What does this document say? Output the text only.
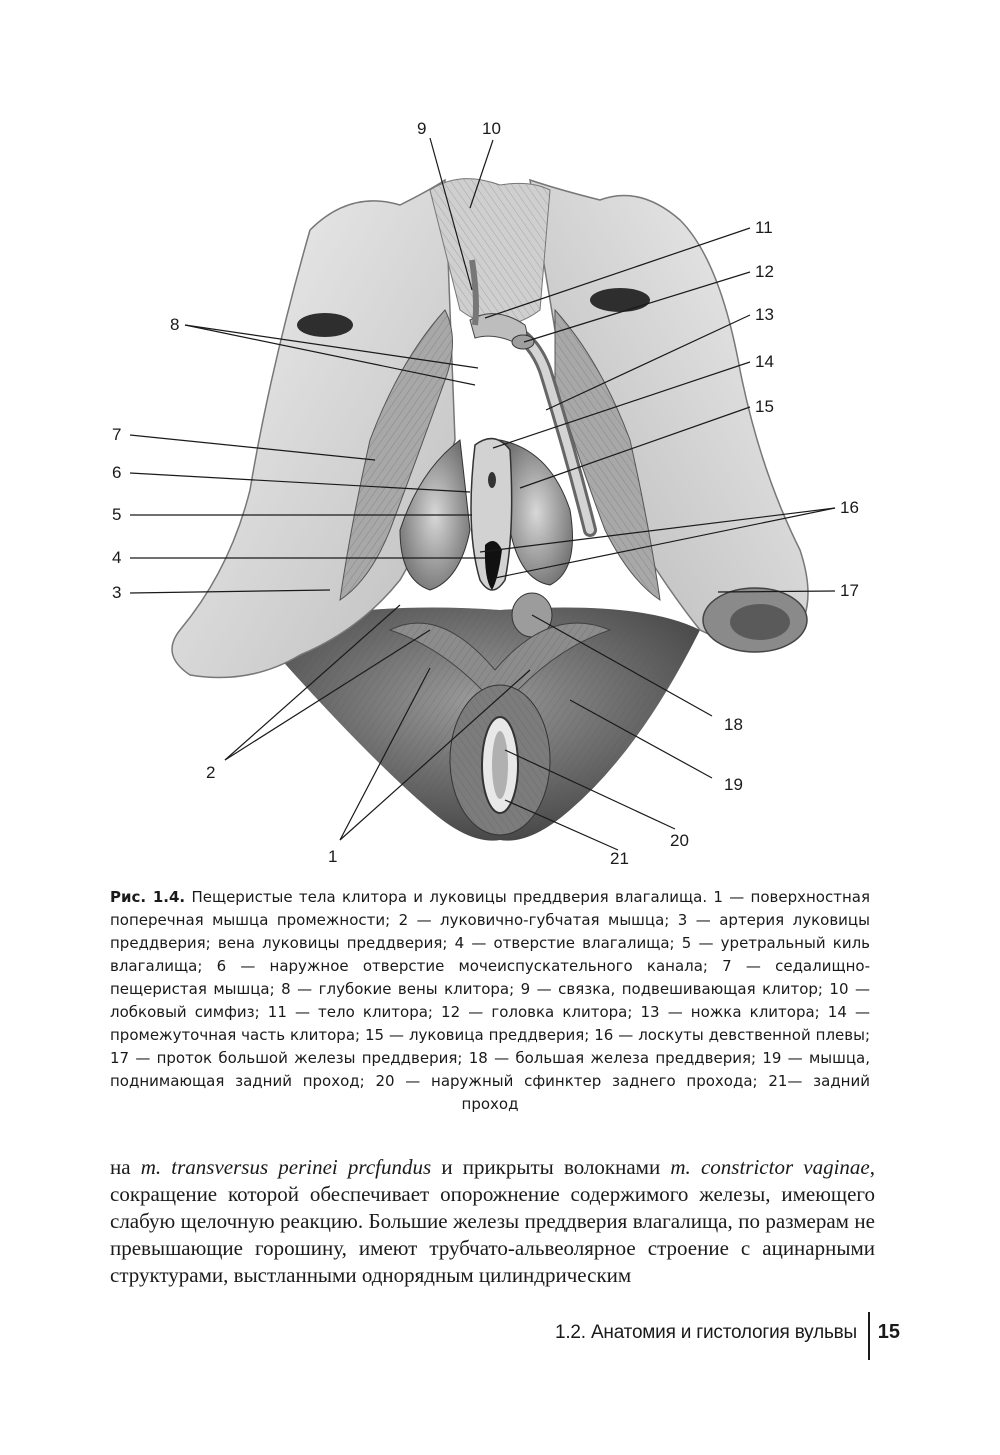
9	10
11
12
13
14
15
16
17
18
19
20
21
8
7
6
5
4
3
2
1
Рис. 1.4. Пещеристые тела клитора и луковицы преддверия влагалища. 1 — поверхностная поперечная мышца промежности; 2 — луковично-губчатая мышца; 3 — артерия луковицы преддверия; вена луковицы преддверия; 4 — отверстие влагалища; 5 — уретральный киль влагалища; 6 — наружное отверстие мочеиспускательного канала; 7 — седалищно-пещеристая мышца; 8 — глубокие вены клитора; 9 — связка, подвешивающая клитор; 10 — лобковый симфиз; 11 — тело клитора; 12 — головка клитора; 13 — ножка клитора; 14 — промежуточная часть клитора; 15 — луковица преддверия; 16 — лоскуты девственной плевы; 17 — проток большой железы преддверия; 18 — большая железа преддверия; 19 — мышца, поднимающая задний проход; 20 — наружный сфинктер заднего прохода; 21— задний проход
на m. transversus perinei prcfundus и прикрыты волокнами m. constrictor vaginae, сокращение которой обеспечивает опорожнение содержимого железы, имеющего слабую щелочную реакцию. Большие железы преддверия влагалища, по размерам не превышающие горошину, имеют трубчато-альвеолярное строение с ацинарными структурами, выстланными однорядным цилиндрическим
1.2. Анатомия и гистология вульвы 15
